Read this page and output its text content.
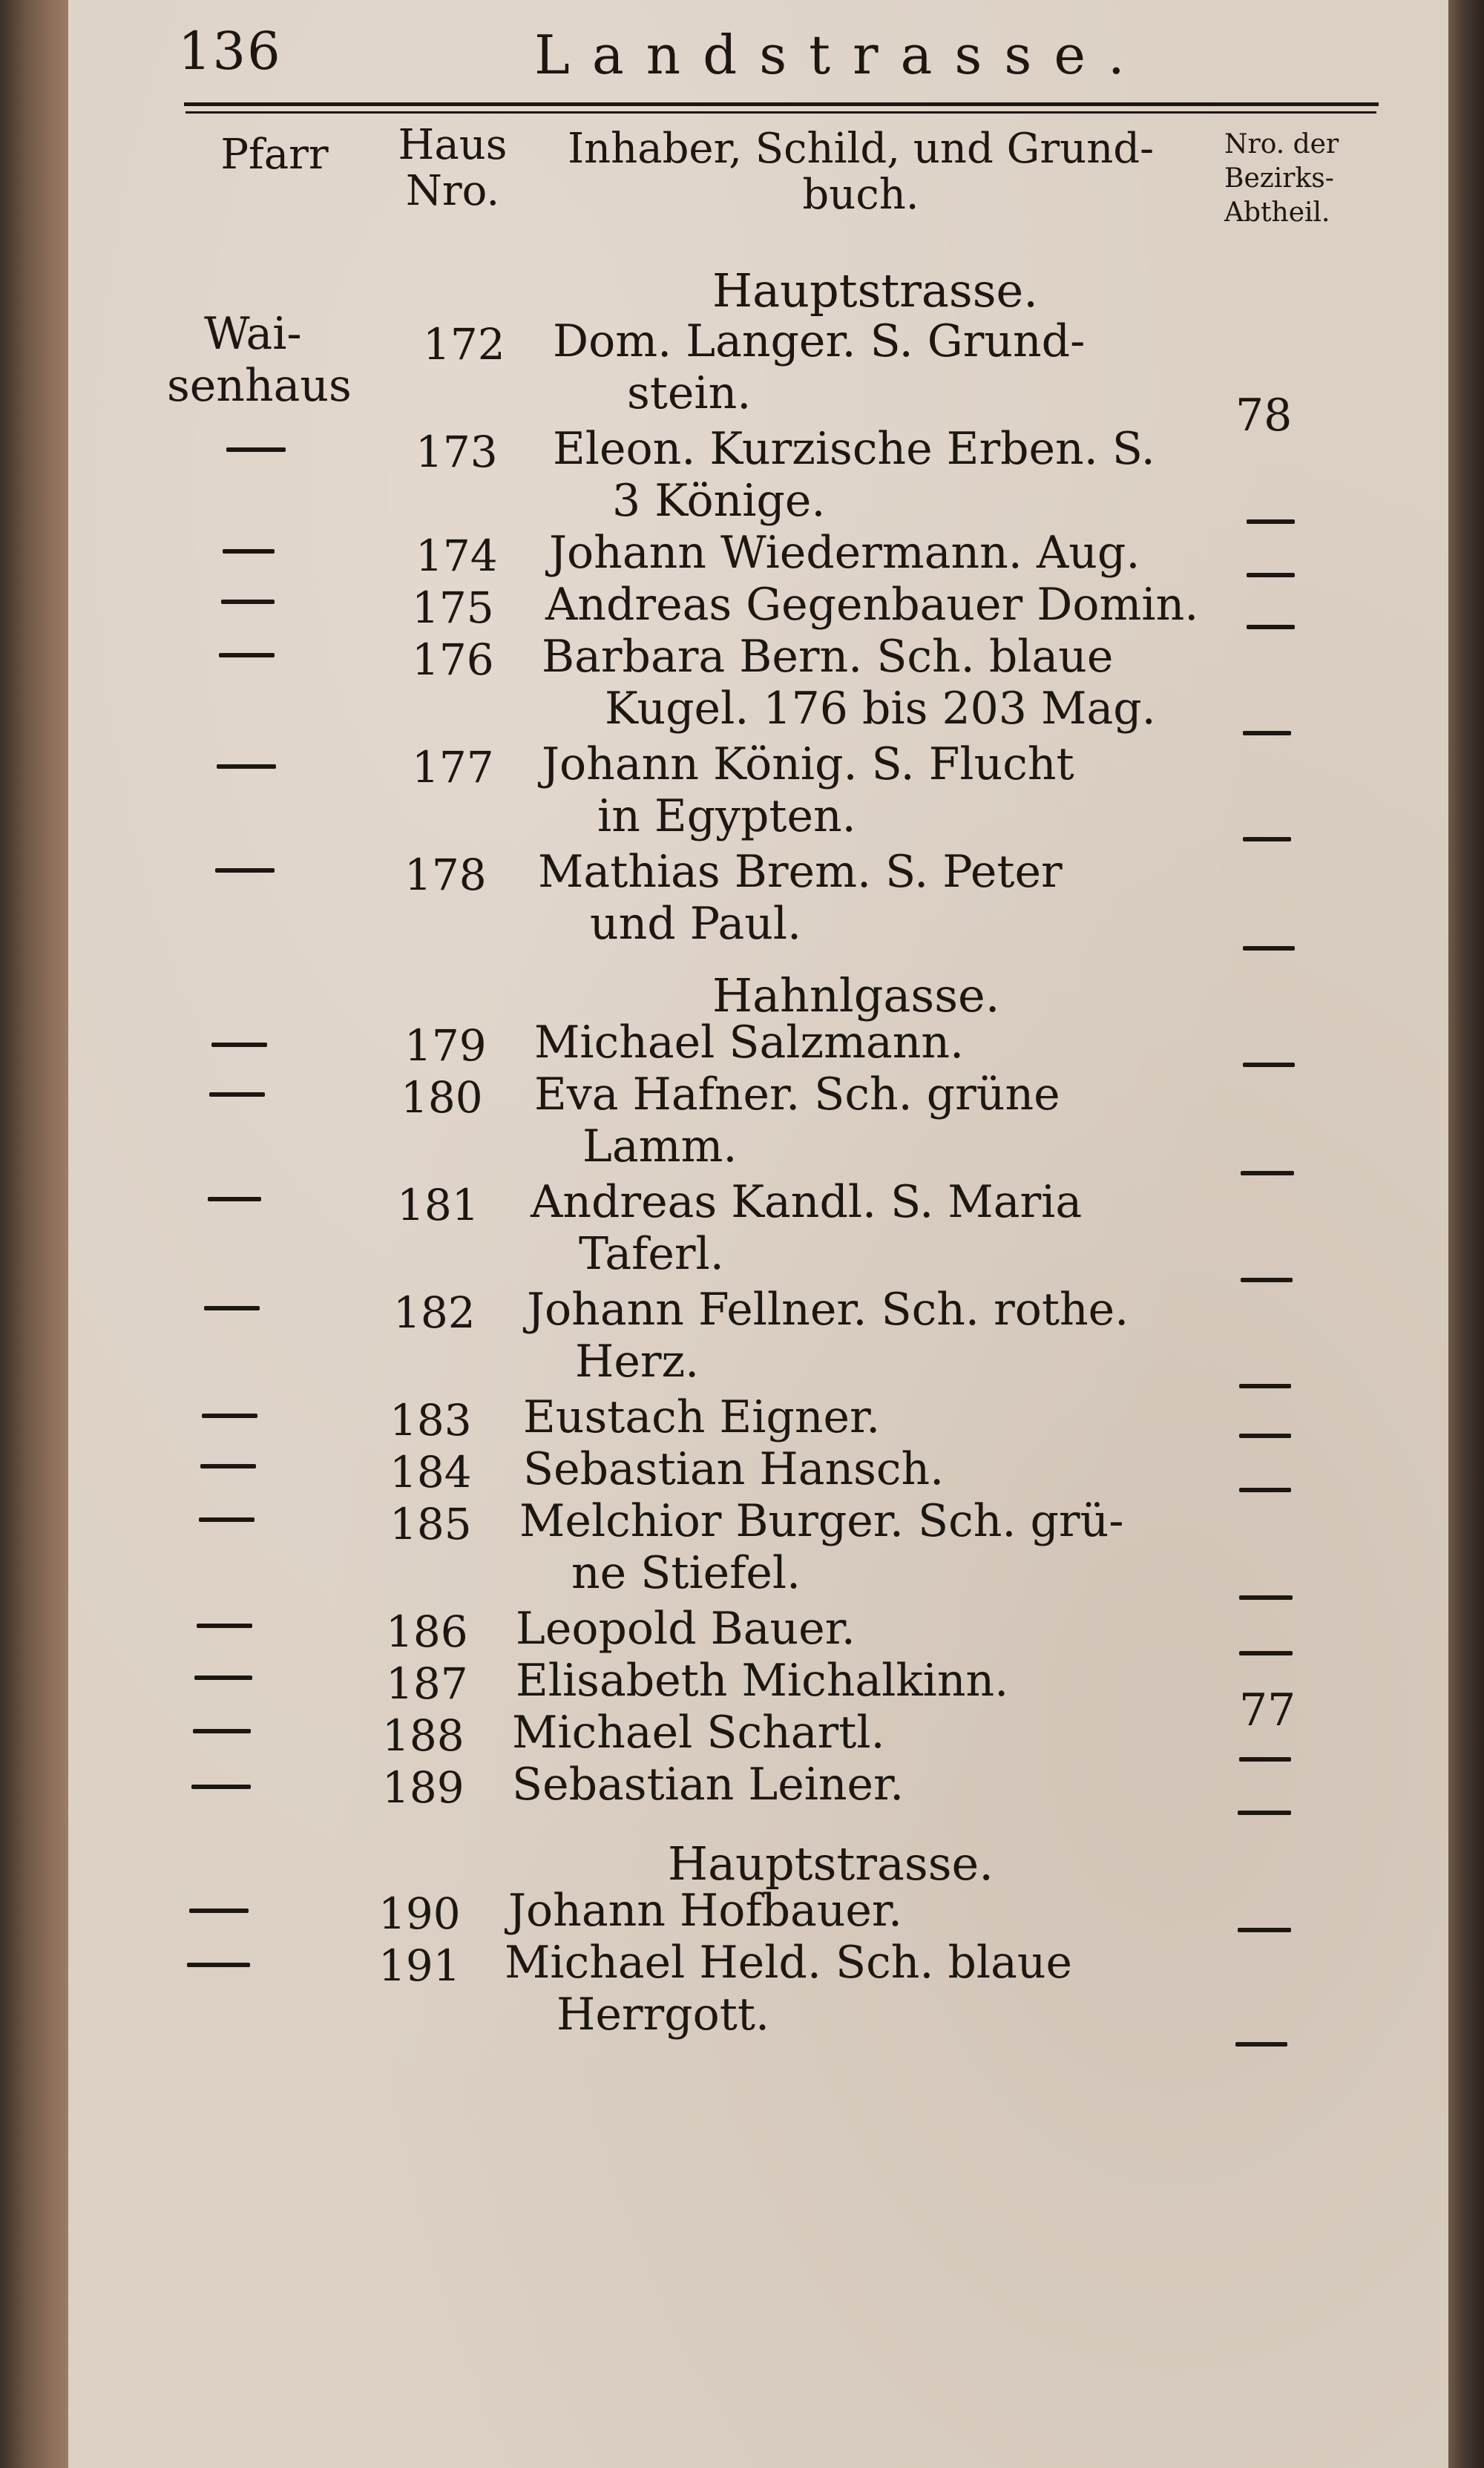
136	Landstrasse.
Pfarr	Haus
Nro.
Inhaber, Schild, und Grund-
buch.
Nro. der
Bezirks-
Abtheil.
Hauptstrasse.
Hahnlgasse.
Hauptstrasse.
Wai-
senhaus
172
173
174
175
176
177
178
179
180
181
182
183
184
185
186
187
188
189
190
191
Dom. Langer. S. Grund-
stein.
Eleon. Kurzische Erben. S.
3 Könige.
Johann Wiedermann. Aug.
Andreas Gegenbauer Domin.
Barbara Bern. Sch. blaue
Kugel. 176 bis 203 Mag.
Johann König. S. Flucht
in Egypten.
Mathias Brem. S. Peter
und Paul.
Michael Salzmann.
Eva Hafner. Sch. grüne
Lamm.
Andreas Kandl. S. Maria
Taferl.
Johann Fellner. Sch. rothe.
Herz.
Eustach Eigner.
Sebastian Hansch.
Melchior Burger. Sch. grü-
ne Stiefel.
Leopold Bauer.
Elisabeth Michalkinn.
Michael Schartl.
Sebastian Leiner.
Johann Hofbauer.
Michael Held. Sch. blaue
Herrgott.
78
77
